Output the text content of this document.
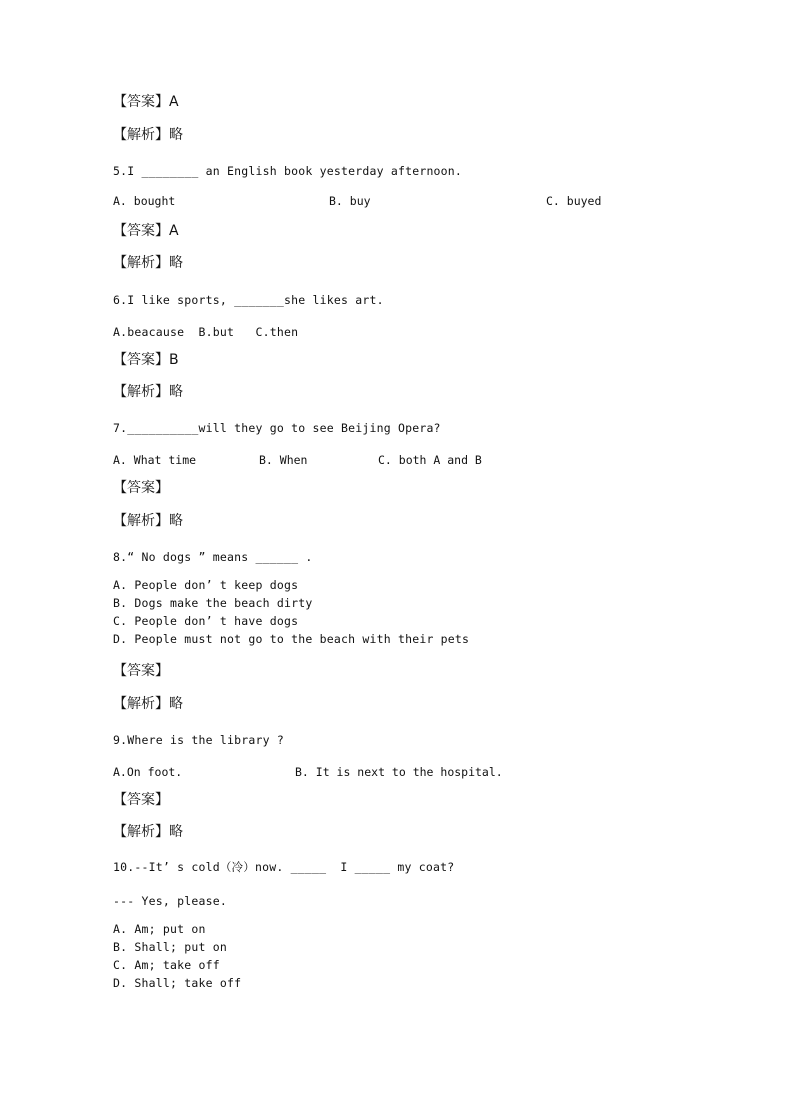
【答案】A
【解析】略
5.I ________ an English book yesterday afternoon.
A. bought	B. buy	C. buyed
【答案】A
【解析】略
6.I like sports, _______she likes art.
A.beacause  B.but   C.then
【答案】B
【解析】略
7.__________will they go to see Beijing Opera?
A. What time	B. When	C. both A and B
【答案】
【解析】略
8.“ No dogs ” means ______ .
A. People don’ t keep dogs
B. Dogs make the beach dirty
C. People don’ t have dogs
D. People must not go to the beach with their pets
【答案】
【解析】略
9.Where is the library ?
A.On foot.	B. It is next to the hospital.
【答案】
【解析】略
10.--It’ s cold（冷）now. _____  I _____ my coat?
--- Yes, please.
A. Am; put on
B. Shall; put on
C. Am; take off
D. Shall; take off
